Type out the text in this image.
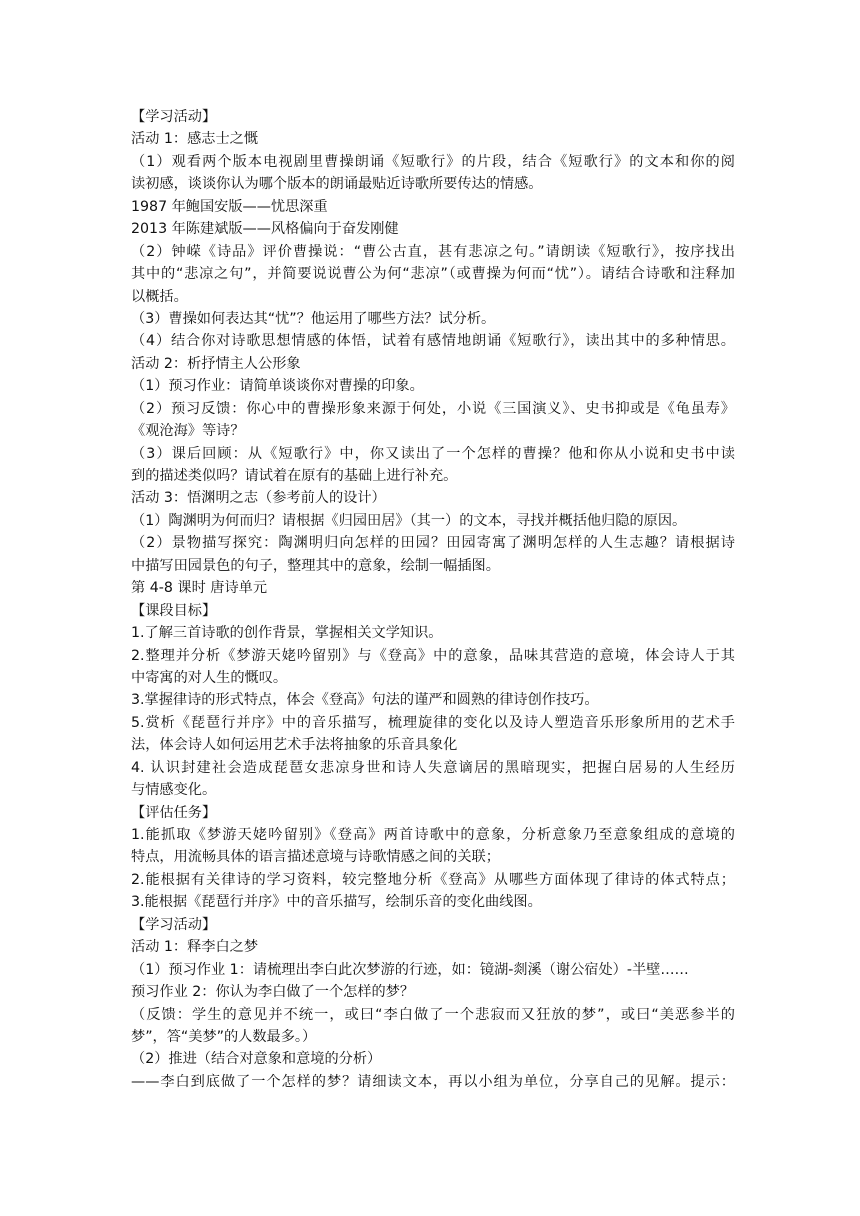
【学习活动】
活动 1：感志士之慨
（1）观看两个版本电视剧里曹操朗诵《短歌行》的片段，结合《短歌行》的文本和你的阅
读初感，谈谈你认为哪个版本的朗诵最贴近诗歌所要传达的情感。
1987 年鲍国安版——忧思深重
2013 年陈建斌版——风格偏向于奋发刚健
（2）钟嵘《诗品》评价曹操说：“曹公古直，甚有悲凉之句。”请朗读《短歌行》，按序找出
其中的“悲凉之句”，并简要说说曹公为何“悲凉”（或曹操为何而“忧”）。请结合诗歌和注释加
以概括。
（3）曹操如何表达其“忧”？他运用了哪些方法？试分析。
（4）结合你对诗歌思想情感的体悟，试着有感情地朗诵《短歌行》，读出其中的多种情思。
活动 2：析抒情主人公形象
（1）预习作业：请简单谈谈你对曹操的印象。
（2）预习反馈：你心中的曹操形象来源于何处，小说《三国演义》、史书抑或是《龟虽寿》
《观沧海》等诗？
（3）课后回顾：从《短歌行》中，你又读出了一个怎样的曹操？他和你从小说和史书中读
到的描述类似吗？请试着在原有的基础上进行补充。
活动 3：悟渊明之志（参考前人的设计）
（1）陶渊明为何而归？请根据《归园田居》（其一）的文本，寻找并概括他归隐的原因。
（2）景物描写探究：陶渊明归向怎样的田园？田园寄寓了渊明怎样的人生志趣？请根据诗
中描写田园景色的句子，整理其中的意象，绘制一幅插图。
第 4-8 课时 唐诗单元
【课段目标】
1.了解三首诗歌的创作背景，掌握相关文学知识。
2.整理并分析《梦游天姥吟留别》与《登高》中的意象，品味其营造的意境，体会诗人于其
中寄寓的对人生的慨叹。
3.掌握律诗的形式特点，体会《登高》句法的谨严和圆熟的律诗创作技巧。
5.赏析《琵琶行并序》中的音乐描写，梳理旋律的变化以及诗人塑造音乐形象所用的艺术手
法，体会诗人如何运用艺术手法将抽象的乐音具象化
4. 认识封建社会造成琵琶女悲凉身世和诗人失意谪居的黑暗现实，把握白居易的人生经历
与情感变化。
【评估任务】
1.能抓取《梦游天姥吟留别》《登高》两首诗歌中的意象，分析意象乃至意象组成的意境的
特点，用流畅具体的语言描述意境与诗歌情感之间的关联；
2.能根据有关律诗的学习资料，较完整地分析《登高》从哪些方面体现了律诗的体式特点；
3.能根据《琵琶行并序》中的音乐描写，绘制乐音的变化曲线图。
【学习活动】
活动 1：释李白之梦
（1）预习作业 1：请梳理出李白此次梦游的行迹，如：镜湖-剡溪（谢公宿处）-半壁……
预习作业 2：你认为李白做了一个怎样的梦？
（反馈：学生的意见并不统一，或曰“李白做了一个悲寂而又狂放的梦”，或曰“美恶参半的
梦”，答“美梦”的人数最多。）
（2）推进（结合对意象和意境的分析）
——李白到底做了一个怎样的梦？请细读文本，再以小组为单位，分享自己的见解。提示：
